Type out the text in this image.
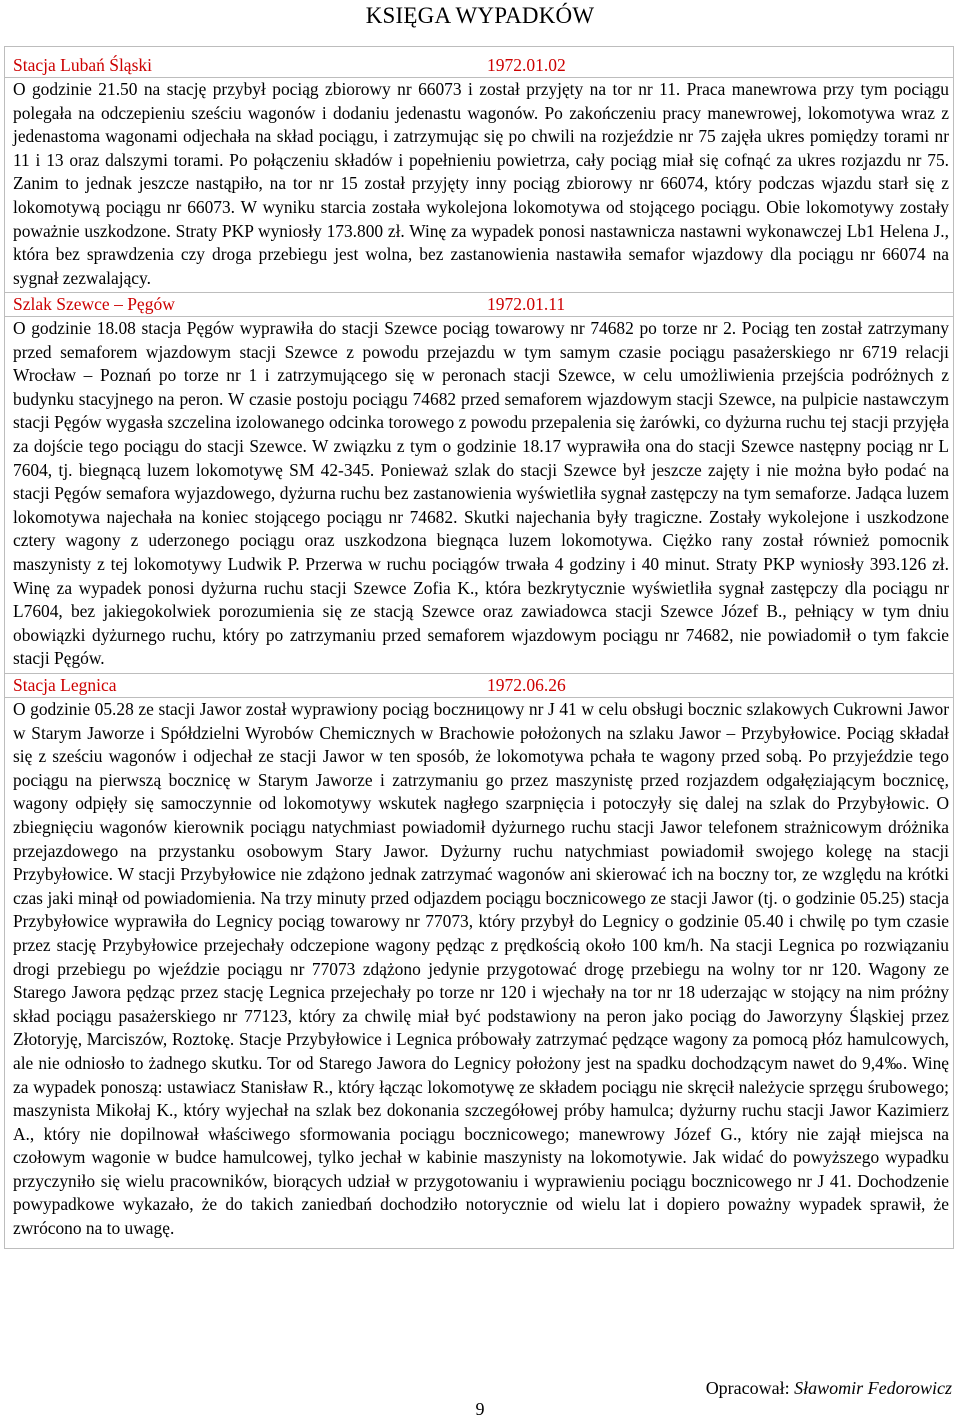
KSIĘGA WYPADKÓW
Stacja Lubań Śląski	1972.01.02
O godzinie 21.50 na stację przybył pociąg zbiorowy nr 66073 i został przyjęty na tor nr 11. Praca manewrowa przy tym pociągu polegała na odczepieniu sześciu wagonów i dodaniu jedenastu wagonów. Po zakończeniu pracy manewrowej, lokomotywa wraz z jedenastoma wagonami odjechała na skład pociągu, i zatrzymując się po chwili na rozjeździe nr 75 zajęła ukres pomiędzy torami nr 11 i 13 oraz dalszymi torami. Po połączeniu składów i popełnieniu powietrza, cały pociąg miał się cofnąć za ukres rozjazdu nr 75. Zanim to jednak jeszcze nastąpiło, na tor nr 15 został przyjęty inny pociąg zbiorowy nr 66074, który podczas wjazdu starł się z lokomotywą pociągu nr 66073. W wyniku starcia została wykolejona lokomotywa od stojącego pociągu. Obie lokomotywy zostały poważnie uszkodzone. Straty PKP wyniosły 173.800 zł. Winę za wypadek ponosi nastawnicza nastawni wykonawczej Lb1 Helena J., która bez sprawdzenia czy droga przebiegu jest wolna, bez zastanowienia nastawiła semafor wjazdowy dla pociągu nr 66074 na sygnał zezwalający.
Szlak Szewce – Pęgów	1972.01.11
O godzinie 18.08 stacja Pęgów wyprawiła do stacji Szewce pociąg towarowy nr 74682 po torze nr 2. Pociąg ten został zatrzymany przed semaforem wjazdowym stacji Szewce z powodu przejazdu w tym samym czasie pociągu pasażerskiego nr 6719 relacji Wrocław – Poznań po torze nr 1 i zatrzymującego się w peronach stacji Szewce, w celu umożliwienia przejścia podróżnych z budynku stacyjnego na peron. W czasie postoju pociągu 74682 przed semaforem wjazdowym stacji Szewce, na pulpicie nastawczym stacji Pęgów wygasła szczelina izolowanego odcinka torowego z powodu przepalenia się żarówki, co dyżurna ruchu tej stacji przyjęła za dojście tego pociągu do stacji Szewce. W związku z tym o godzinie 18.17 wyprawiła ona do stacji Szewce następny pociąg nr L 7604, tj. biegnącą luzem lokomotywę SM 42-345. Ponieważ szlak do stacji Szewce był jeszcze zajęty i nie można było podać na stacji Pęgów semafora wyjazdowego, dyżurna ruchu bez zastanowienia wyświetliła sygnał zastępczy na tym semaforze. Jadąca luzem lokomotywa najechała na koniec stojącego pociągu nr 74682. Skutki najechania były tragiczne. Zostały wykolejone i uszkodzone cztery wagony z uderzonego pociągu oraz uszkodzona biegnąca luzem lokomotywa. Ciężko rany został również pomocnik maszynisty z tej lokomotywy Ludwik P. Przerwa w ruchu pociągów trwała 4 godziny i 40 minut. Straty PKP wyniosły 393.126 zł. Winę za wypadek ponosi dyżurna ruchu stacji Szewce Zofia K., która bezkrytycznie wyświetliła sygnał zastępczy dla pociągu nr L7604, bez jakiegokolwiek porozumienia się ze stacją Szewce oraz zawiadowca stacji Szewce Józef B., pełniący w tym dniu obowiązki dyżurnego ruchu, który po zatrzymaniu przed semaforem wjazdowym pociągu nr 74682, nie powiadomił o tym fakcie stacji Pęgów.
Stacja Legnica	1972.06.26
O godzinie 05.28 ze stacji Jawor został wyprawiony pociąg boczницowy nr J 41 w celu obsługi bocznic szlakowych Cukrowni Jawor w Starym Jaworze i Spółdzielni Wyrobów Chemicznych w Brachowie położonych na szlaku Jawor – Przybyłowice. Pociąg składał się z sześciu wagonów i odjechał ze stacji Jawor w ten sposób, że lokomotywa pchała te wagony przed sobą. Po przyjeździe tego pociągu na pierwszą bocznicę w Starym Jaworze i zatrzymaniu go przez maszynistę przed rozjazdem odgałęziającym bocznicę, wagony odpięły się samoczynnie od lokomotywy wskutek nagłego szarpnięcia i potoczyły się dalej na szlak do Przybyłowic. O zbiegnięciu wagonów kierownik pociągu natychmiast powiadomił dyżurnego ruchu stacji Jawor telefonem strażnicowym dróżnika przejazdowego na przystanku osobowym Stary Jawor. Dyżurny ruchu natychmiast powiadomił swojego kolegę na stacji Przybyłowice. W stacji Przybyłowice nie zdążono jednak zatrzymać wagonów ani skierować ich na boczny tor, ze względu na krótki czas jaki minął od powiadomienia. Na trzy minuty przed odjazdem pociągu bocznicowego ze stacji Jawor (tj. o godzinie 05.25) stacja Przybyłowice wyprawiła do Legnicy pociąg towarowy nr 77073, który przybył do Legnicy o godzinie 05.40 i chwilę po tym czasie przez stację Przybyłowice przejechały odczepione wagony pędząc z prędkością około 100 km/h. Na stacji Legnica po rozwiązaniu drogi przebiegu po wjeździe pociągu nr 77073 zdążono jedynie przygotować drogę przebiegu na wolny tor nr 120. Wagony ze Starego Jawora pędząc przez stację Legnica przejechały po torze nr 120 i wjechały na tor nr 18 uderzając w stojący na nim próżny skład pociągu pasażerskiego nr 77123, który za chwilę miał być podstawiony na peron jako pociąg do Jaworzyny Śląskiej przez Złotoryję, Marciszów, Roztokę. Stacje Przybyłowice i Legnica próbowały zatrzymać pędzące wagony za pomocą płóz hamulcowych, ale nie odniosło to żadnego skutku. Tor od Starego Jawora do Legnicy położony jest na spadku dochodzącym nawet do 9,4‰. Winę za wypadek ponoszą: ustawiacz Stanisław R., który łącząc lokomotywę ze składem pociągu nie skręcił należycie sprzęgu śrubowego; maszynista Mikołaj K., który wyjechał na szlak bez dokonania szczegółowej próby hamulca; dyżurny ruchu stacji Jawor Kazimierz A., który nie dopilnował właściwego sformowania pociągu bocznicowego; manewrowy Józef G., który nie zajął miejsca na czołowym wagonie w budce hamulcowej, tylko jechał w kabinie maszynisty na lokomotywie. Jak widać do powyższego wypadku przyczyniło się wielu pracowników, biorących udział w przygotowaniu i wyprawieniu pociągu bocznicowego nr J 41. Dochodzenie powypadkowe wykazało, że do takich zaniedbań dochodziło notorycznie od wielu lat i dopiero poważny wypadek sprawił, że zwrócono na to uwagę.
Opracował: Sławomir Fedorowicz
9
